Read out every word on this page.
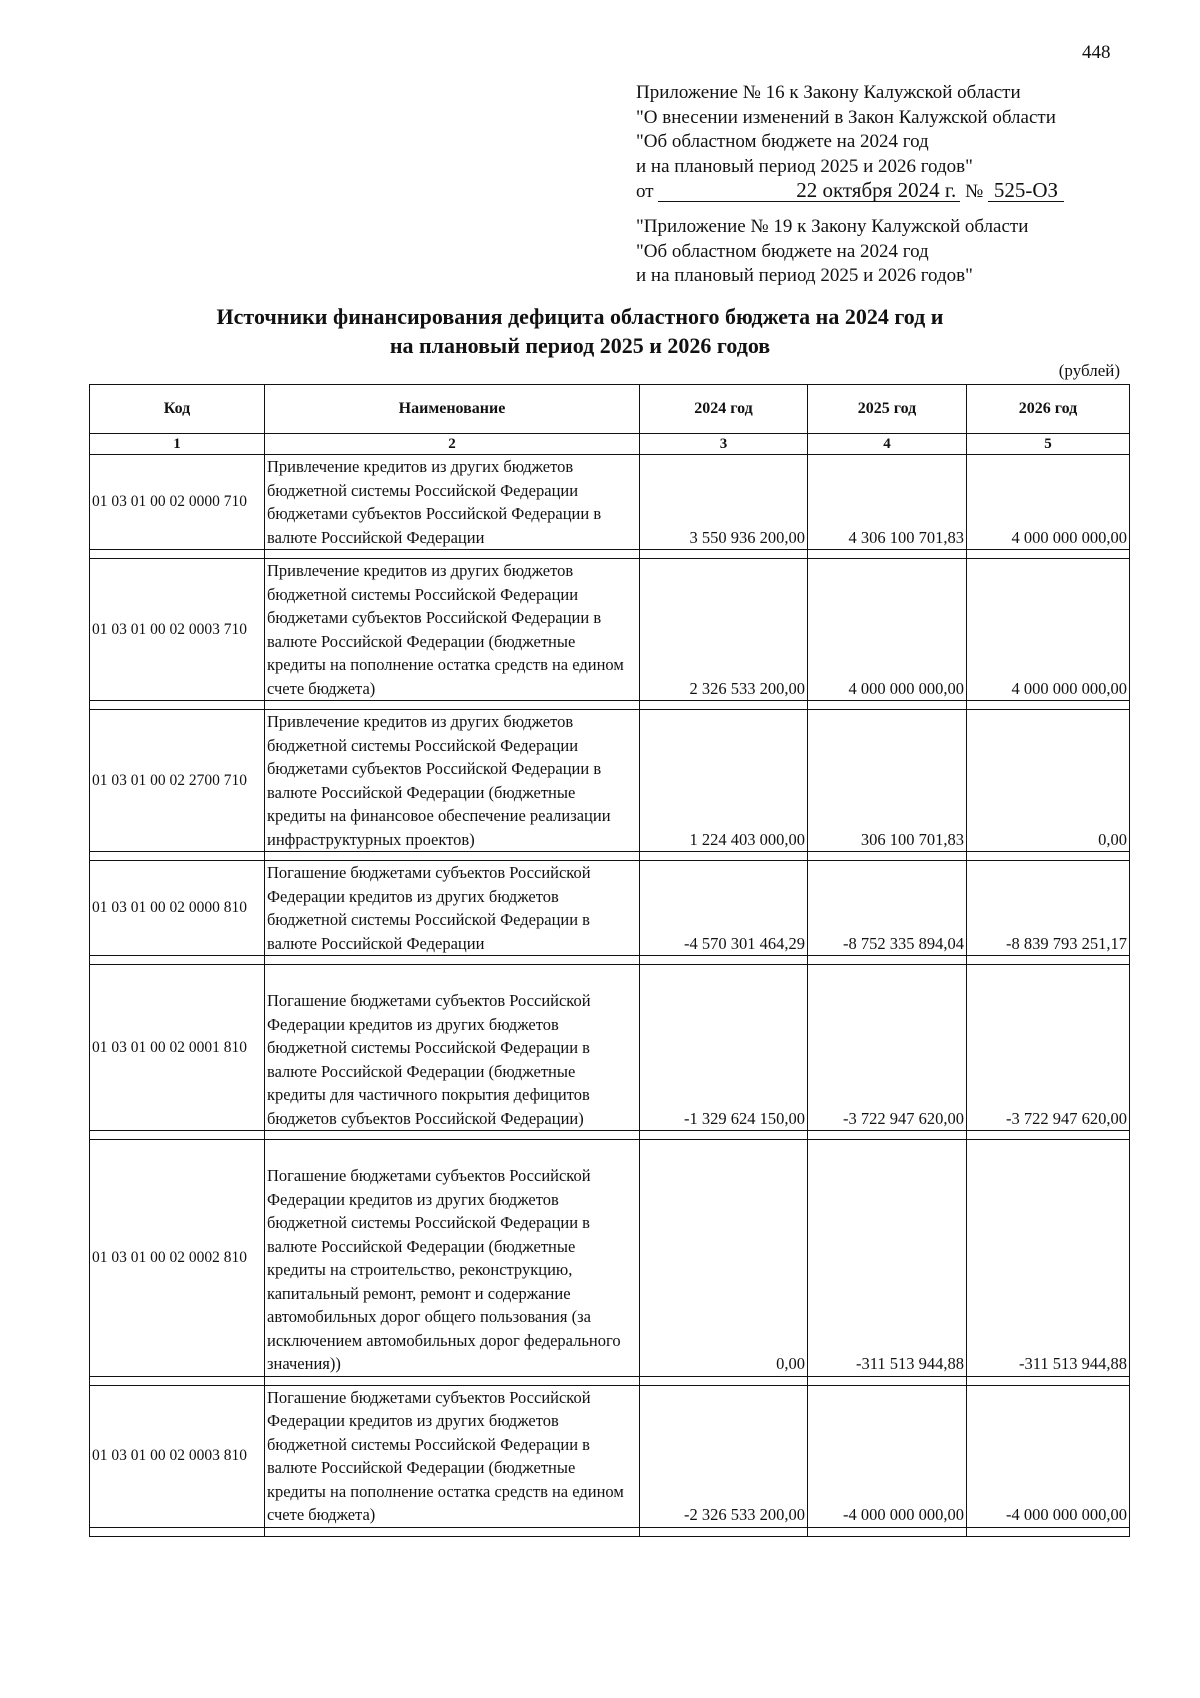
448
Приложение № 16 к Закону Калужской области
"О внесении изменений в Закон Калужской области
"Об областном бюджете на 2024 год
и на плановый период 2025 и 2026 годов"
от	22 октября 2024 г. № 525-ОЗ
"Приложение № 19 к Закону Калужской области
"Об областном бюджете на 2024 год
и на плановый период 2025 и 2026 годов"
Источники финансирования дефицита областного бюджета на 2024 год и
на плановый период 2025 и 2026 годов
(рублей)
Код	Наименование	2024 год	2025 год	2026 год
1	2	3	4	5
01 03 01 00 02 0000 710	Привлечение кредитов из других бюджетов бюджетной системы Российской Федерации бюджетами субъектов Российской Федерации в валюте Российской Федерации	3 550 936 200,00	4 306 100 701,83	4 000 000 000,00

01 03 01 00 02 0003 710	Привлечение кредитов из других бюджетов бюджетной системы Российской Федерации бюджетами субъектов Российской Федерации в валюте Российской Федерации (бюджетные кредиты на пополнение остатка средств на едином счете бюджета)	2 326 533 200,00	4 000 000 000,00	4 000 000 000,00

01 03 01 00 02 2700 710	Привлечение кредитов из других бюджетов бюджетной системы Российской Федерации бюджетами субъектов Российской Федерации в валюте Российской Федерации (бюджетные кредиты на финансовое обеспечение реализации инфраструктурных проектов)	1 224 403 000,00	306 100 701,83	0,00

01 03 01 00 02 0000 810	Погашение бюджетами субъектов Российской Федерации кредитов из других бюджетов бюджетной системы Российской Федерации в валюте Российской Федерации	-4 570 301 464,29	-8 752 335 894,04	-8 839 793 251,17

01 03 01 00 02 0001 810	Погашение бюджетами субъектов Российской Федерации кредитов из других бюджетов бюджетной системы Российской Федерации в валюте Российской Федерации (бюджетные кредиты для частичного покрытия дефицитов бюджетов субъектов Российской Федерации)	-1 329 624 150,00	-3 722 947 620,00	-3 722 947 620,00

01 03 01 00 02 0002 810	Погашение бюджетами субъектов Российской Федерации кредитов из других бюджетов бюджетной системы Российской Федерации в валюте Российской Федерации (бюджетные кредиты на строительство, реконструкцию, капитальный ремонт, ремонт и содержание автомобильных дорог общего пользования (за исключением автомобильных дорог федерального значения))	0,00	-311 513 944,88	-311 513 944,88

01 03 01 00 02 0003 810	Погашение бюджетами субъектов Российской Федерации кредитов из других бюджетов бюджетной системы Российской Федерации в валюте Российской Федерации (бюджетные кредиты на пополнение остатка средств на едином счете бюджета)	-2 326 533 200,00	-4 000 000 000,00	-4 000 000 000,00
